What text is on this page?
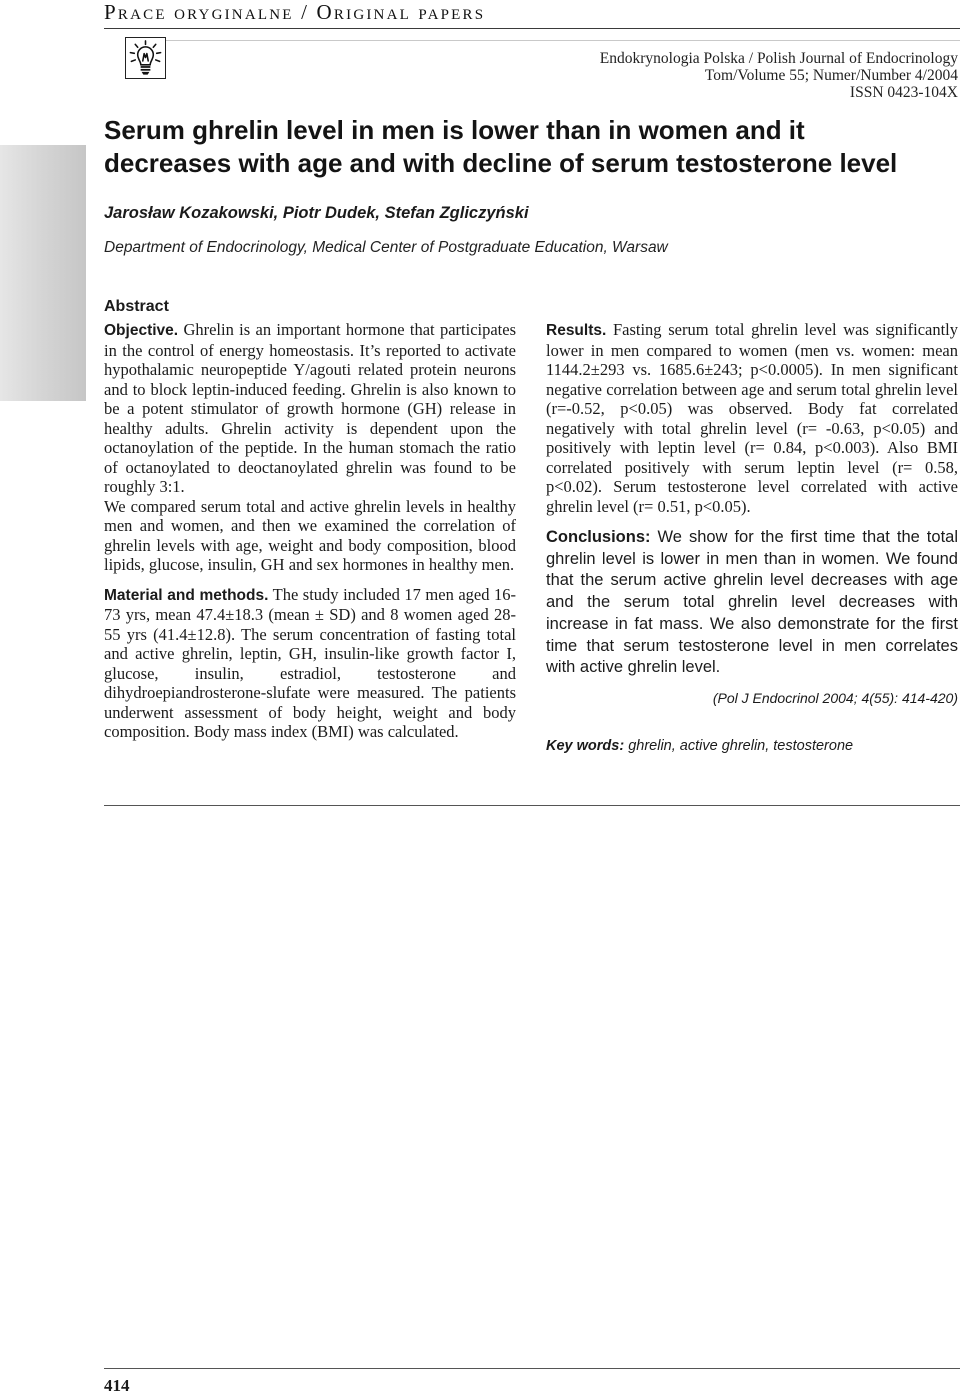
Prace oryginalne / Original papers
Endokrynologia Polska / Polish Journal of Endocrinology
Tom/Volume 55; Numer/Number 4/2004
ISSN 0423-104X
Serum ghrelin level in men is lower than in women and it
decreases with age and with decline of serum testosterone level
Jarosław Kozakowski, Piotr Dudek, Stefan Zgliczyński
Department of Endocrinology, Medical Center of Postgraduate Education, Warsaw
Abstract

Objective. Ghrelin is an important hormone that participates in the control of energy homeostasis. It’s reported to activate hypothalamic neuropeptide Y/agouti related protein neurons and to block leptin-induced feeding. Ghrelin is also known to be a potent stimulator of growth hormone (GH) release in healthy adults. Ghrelin activity is dependent upon the octanoylation of the peptide. In the human stomach the ratio of octanoylated to deoctanoylated ghrelin was found to be roughly 3:1.

We compared serum total and active ghrelin levels in healthy men and women, and then we examined the correlation of ghrelin levels with age, weight and body composition, blood lipids, glucose, insulin, GH and sex hormones in healthy men.

Material and methods. The study included 17 men aged 16-73 yrs, mean 47.4±18.3 (mean ± SD) and 8 women aged 28-55 yrs (41.4±12.8). The serum concentration of fasting total and active ghrelin, leptin, GH, insulin-like growth factor I, glucose, insulin, estradiol, testosterone and dihydroepiandrosterone-slufate were measured. The patients underwent assessment of body height, weight and body composition. Body mass index (BMI) was calculated.

Results. Fasting serum total ghrelin level was significantly lower in men compared to women (men vs. women: mean 1144.2±293 vs. 1685.6±243; p<0.0005). In men significant negative correlation between age and serum total ghrelin level (r=-0.52, p<0.05) was observed. Body fat correlated negatively with total ghrelin level (r= -0.63, p<0.05) and positively with leptin level (r= 0.84, p<0.003). Also BMI correlated positively with serum leptin level (r= 0.58, p<0.02). Serum testosterone level correlated with active ghrelin level (r= 0.51, p<0.05).

Conclusions: We show for the first time that the total ghrelin level is lower in men than in women. We found that the serum active ghrelin level decreases with age and the serum total ghrelin level decreases with increase in fat mass. We also demonstrate for the first time that serum testosterone level in men correlates with active ghrelin level.

(Pol J Endocrinol 2004; 4(55): 414-420)

Key words: ghrelin, active ghrelin, testosterone

414
